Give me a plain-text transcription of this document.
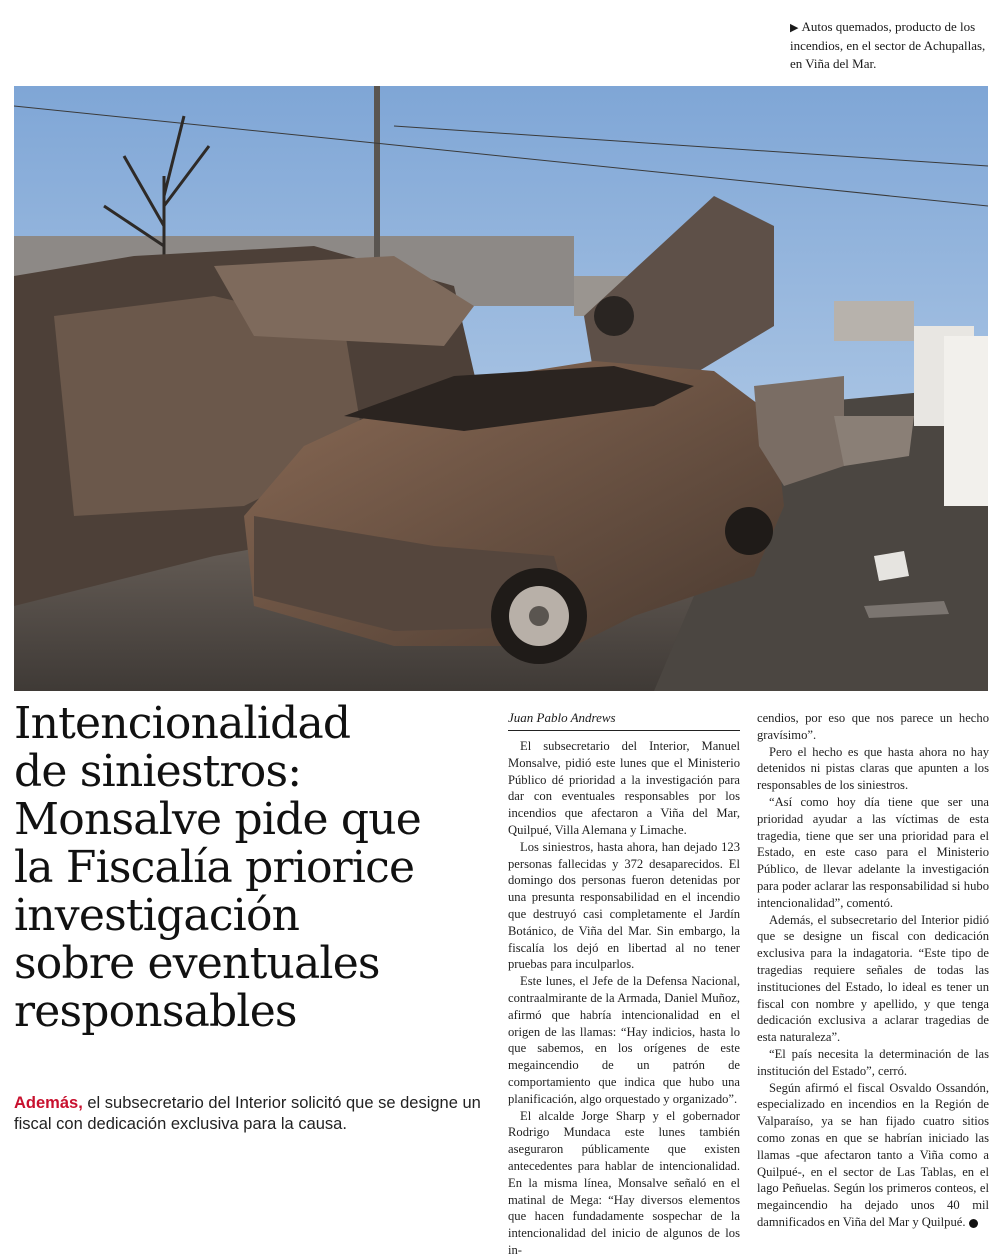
▶ Autos quemados, producto de los incendios, en el sector de Achupallas, en Viña del Mar.
Intencionalidad
de siniestros:
Monsalve pide que
la Fiscalía priorice
investigación
sobre eventuales
responsables
Además, el subsecretario del Interior solicitó que se designe un fiscal con dedicación exclusiva para la causa.
Juan Pablo Andrews

El subsecretario del Interior, Manuel Monsalve, pidió este lunes que el Ministerio Público dé prioridad a la investigación para dar con eventuales responsables por los incendios que afectaron a Viña del Mar, Quilpué, Villa Alemana y Limache.

Los siniestros, hasta ahora, han dejado 123 personas fallecidas y 372 desaparecidos. El domingo dos personas fueron detenidas por una presunta responsabilidad en el incendio que destruyó casi completamente el Jardín Botánico, de Viña del Mar. Sin embargo, la fiscalía los dejó en libertad al no tener pruebas para inculparlos.

Este lunes, el Jefe de la Defensa Nacional, contraalmirante de la Armada, Daniel Muñoz, afirmó que habría intencionalidad en el origen de las llamas: “Hay indicios, hasta lo que sabemos, en los orígenes de este megaincendio de un patrón de comportamiento que indica que hubo una planificación, algo orquestado y organizado”.

El alcalde Jorge Sharp y el gobernador Rodrigo Mundaca este lunes también aseguraron públicamente que existen antecedentes para hablar de intencionalidad. En la misma línea, Monsalve señaló en el matinal de Mega: “Hay diversos elementos que hacen fundadamente sospechar de la intencionalidad del inicio de algunos de los in-

cendios, por eso que nos parece un hecho gravísimo”.

Pero el hecho es que hasta ahora no hay detenidos ni pistas claras que apunten a los responsables de los siniestros.

“Así como hoy día tiene que ser una prioridad ayudar a las víctimas de esta tragedia, tiene que ser una prioridad para el Estado, en este caso para el Ministerio Público, de llevar adelante la investigación para poder aclarar las responsabilidad si hubo intencionalidad”, comentó.

Además, el subsecretario del Interior pidió que se designe un fiscal con dedicación exclusiva para la indagatoria. “Este tipo de tragedias requiere señales de todas las instituciones del Estado, lo ideal es tener un fiscal con nombre y apellido, y que tenga dedicación exclusiva a aclarar tragedias de esta naturaleza”.

“El país necesita la determinación de las institución del Estado”, cerró.

Según afirmó el fiscal Osvaldo Ossandón, especializado en incendios en la Región de Valparaíso, ya se han fijado cuatro sitios como zonas en que se habrían iniciado las llamas -que afectaron tanto a Viña como a Quilpué-, en el sector de Las Tablas, en el lago Peñuelas. Según los primeros conteos, el megaincendio ha dejado unos 40 mil damnificados en Viña del Mar y Quilpué.
